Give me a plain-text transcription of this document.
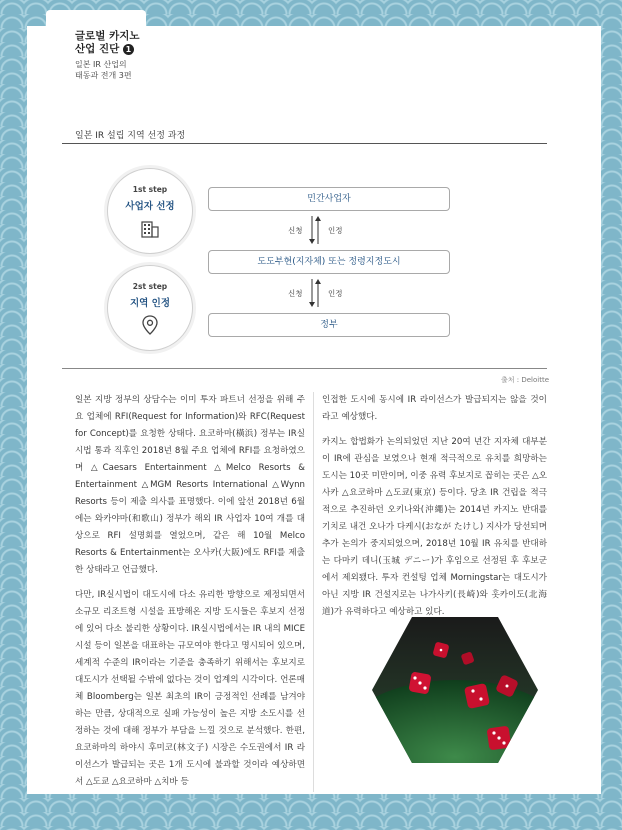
글로벌 카지노
산업 진단 1
일본 IR 산업의
태동과 전개 3편
일본 IR 설립 지역 선정 과정
1st step
사업자 선정
2st step
지역 인정
민간사업자
신청	인정
도도부현(지자체) 또는 정령지정도시
신청	인정
정부
출처 : Deloitte

일본 지방 정부의 상담수는 이미 투자 파트너 선정을 위해 주요 업체에 RFI(Request for Information)와 RFC(Request for Concept)를 요청한 상태다. 요코하마(橫浜) 정부는 IR실시법 통과 직후인 2018년 8월 주요 업체에 RFI를 요청하였으며 △Caesars Entertainment △Melco Resorts & Entertainment △MGM Resorts International △Wynn Resorts 등이 제출 의사를 표명했다. 이에 앞선 2018년 6월에는 와카야마(和歌山) 정부가 해외 IR 사업자 10여 개를 대상으로 RFI 설명회를 열었으며, 같은 해 10월 Melco Resorts & Entertainment는 오사카(大阪)에도 RFI를 제출한 상태라고 언급했다.

다만, IR실시법이 대도시에 다소 유리한 방향으로 제정되면서 소규모 리조트형 시설을 표방해온 지방 도시들은 후보지 선정에 있어 다소 불리한 상황이다. IR실시법에서는 IR 내의 MICE 시설 등이 일본을 대표하는 규모여야 한다고 명시되어 있으며, 세계적 수준의 IR이라는 기준을 충족하기 위해서는 후보지로 대도시가 선택될 수밖에 없다는 것이 업계의 시각이다. 언론매체 Bloomberg는 일본 최초의 IR이 긍정적인 선례를 남겨야 하는 만큼, 상대적으로 실패 가능성이 높은 지방 소도시를 선정하는 것에 대해 정부가 부담을 느낄 것으로 분석했다. 한편, 요코하마의 하야시 후미코(林文子) 시장은 수도권에서 IR 라이선스가 발급되는 곳은 1개 도시에 불과할 것이라 예상하면서 △도쿄 △요코하마 △치바 등

인접한 도시에 동시에 IR 라이선스가 발급되지는 않을 것이라고 예상했다.

카지노 합법화가 논의되었던 지난 20여 년간 지자체 대부분이 IR에 관심을 보였으나 현재 적극적으로 유치를 희망하는 도시는 10곳 미만이며, 이중 유력 후보지로 꼽히는 곳은 △오사카 △요코하마 △도쿄(東京) 등이다. 당초 IR 건립을 적극적으로 추진하던 오키나와(沖繩)는 2014년 카지노 반대를 기치로 내건 오나가 다케시(おなが たけし) 지사가 당선되며 추가 논의가 중지되었으며, 2018년 10월 IR 유치를 반대하는 다마키 데니(玉城 デニー)가 후임으로 선정된 후 후보군에서 제외됐다. 투자 컨설팅 업체 Morningstar는 대도시가 아닌 지방 IR 건설지로는 나가사키(長崎)와 홋카이도(北海道)가 유력하다고 예상하고 있다.
